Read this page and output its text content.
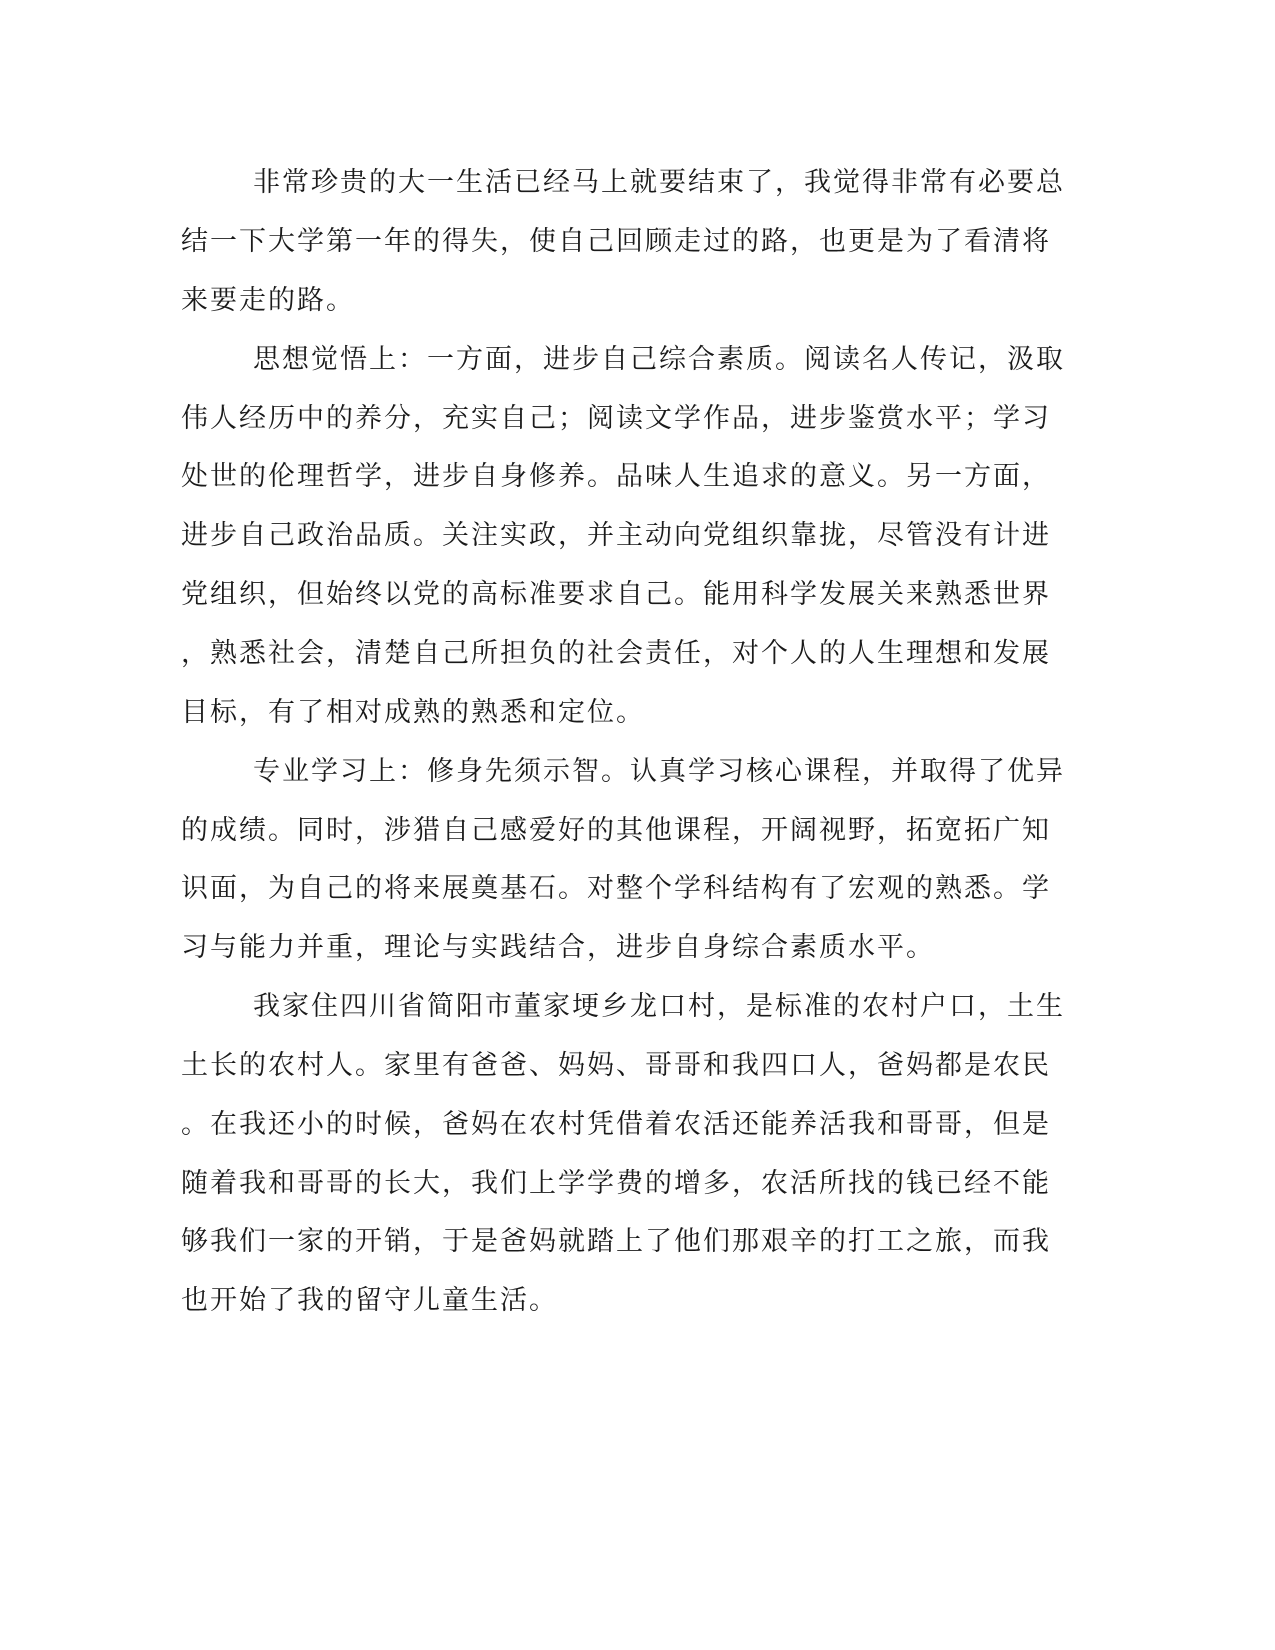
非常珍贵的大一生活已经马上就要结束了，我觉得非常有必要总

结一下大学第一年的得失，使自己回顾走过的路，也更是为了看清将

来要走的路。

思想觉悟上：一方面，进步自己综合素质。阅读名人传记，汲取

伟人经历中的养分，充实自己；阅读文学作品，进步鉴赏水平；学习

处世的伦理哲学，进步自身修养。品味人生追求的意义。另一方面，

进步自己政治品质。关注实政，并主动向党组织靠拢，尽管没有计进

党组织，但始终以党的高标准要求自己。能用科学发展关来熟悉世界

，熟悉社会，清楚自己所担负的社会责任，对个人的人生理想和发展

目标，有了相对成熟的熟悉和定位。

专业学习上：修身先须示智。认真学习核心课程，并取得了优异

的成绩。同时，涉猎自己感爱好的其他课程，开阔视野，拓宽拓广知

识面，为自己的将来展奠基石。对整个学科结构有了宏观的熟悉。学

习与能力并重，理论与实践结合，进步自身综合素质水平。

我家住四川省简阳市董家埂乡龙口村，是标准的农村户口，土生

土长的农村人。家里有爸爸、妈妈、哥哥和我四口人，爸妈都是农民

。在我还小的时候，爸妈在农村凭借着农活还能养活我和哥哥，但是

随着我和哥哥的长大，我们上学学费的增多，农活所找的钱已经不能

够我们一家的开销，于是爸妈就踏上了他们那艰辛的打工之旅，而我

也开始了我的留守儿童生活。
